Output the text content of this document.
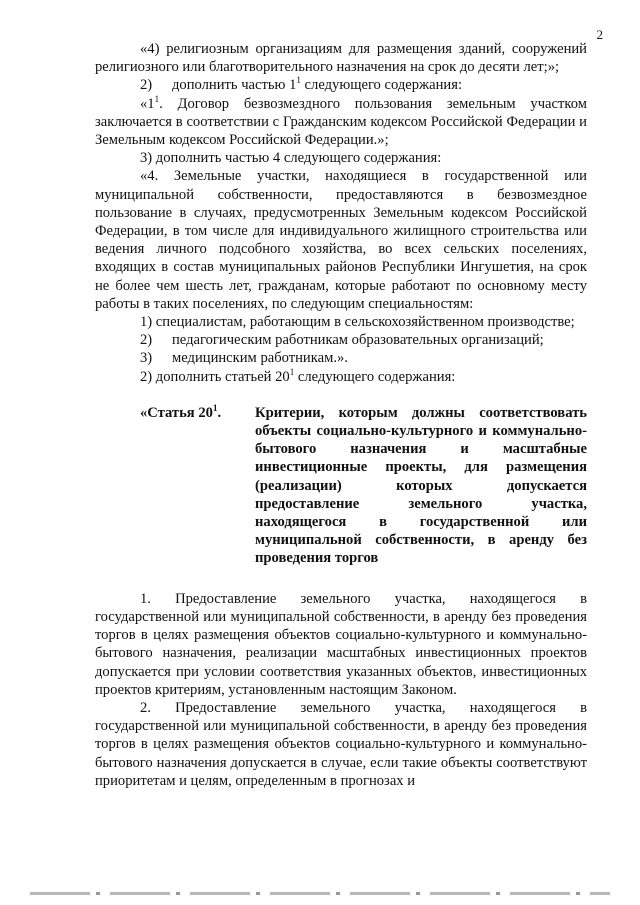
2

«4) религиозным организациям для размещения зданий, сооружений религиозного или благотворительного назначения на срок до десяти лет;»;

2) дополнить частью $1^1$ следующего содержания:

«$1^1$. Договор безвозмездного пользования земельным участком заключается в соответствии с Гражданским кодексом Российской Федерации и Земельным кодексом Российской Федерации.»;

3) дополнить частью 4 следующего содержания:

«4. Земельные участки, находящиеся в государственной или муниципальной собственности, предоставляются в безвозмездное пользование в случаях, предусмотренных Земельным кодексом Российской Федерации, в том числе для индивидуального жилищного строительства или ведения личного подсобного хозяйства, во всех сельских поселениях, входящих в состав муниципальных районов Республики Ингушетия, на срок не более чем шесть лет, гражданам, которые работают по основному месту работы в таких поселениях, по следующим специальностям:

1) специалистам, работающим в сельскохозяйственном производстве;

2) педагогическим работникам образовательных организаций;

3) медицинским работникам.».

2) дополнить статьей $20^1$ следующего содержания:

«Статья $20^1$.	Критерии, которым должны соответствовать объекты социально-культурного и коммунально-бытового назначения и масштабные инвестиционные проекты, для размещения (реализации) которых допускается предоставление земельного участка, находящегося в государственной или муниципальной собственности, в аренду без проведения торгов

1. Предоставление земельного участка, находящегося в государственной или муниципальной собственности, в аренду без проведения торгов в целях размещения объектов социально-культурного и коммунально-бытового назначения, реализации масштабных инвестиционных проектов допускается при условии соответствия указанных объектов, инвестиционных проектов критериям, установленным настоящим Законом.

2. Предоставление земельного участка, находящегося в государственной или муниципальной собственности, в аренду без проведения торгов в целях размещения объектов социально-культурного и коммунально-бытового назначения допускается в случае, если такие объекты соответствуют приоритетам и целям, определенным в прогнозах и
